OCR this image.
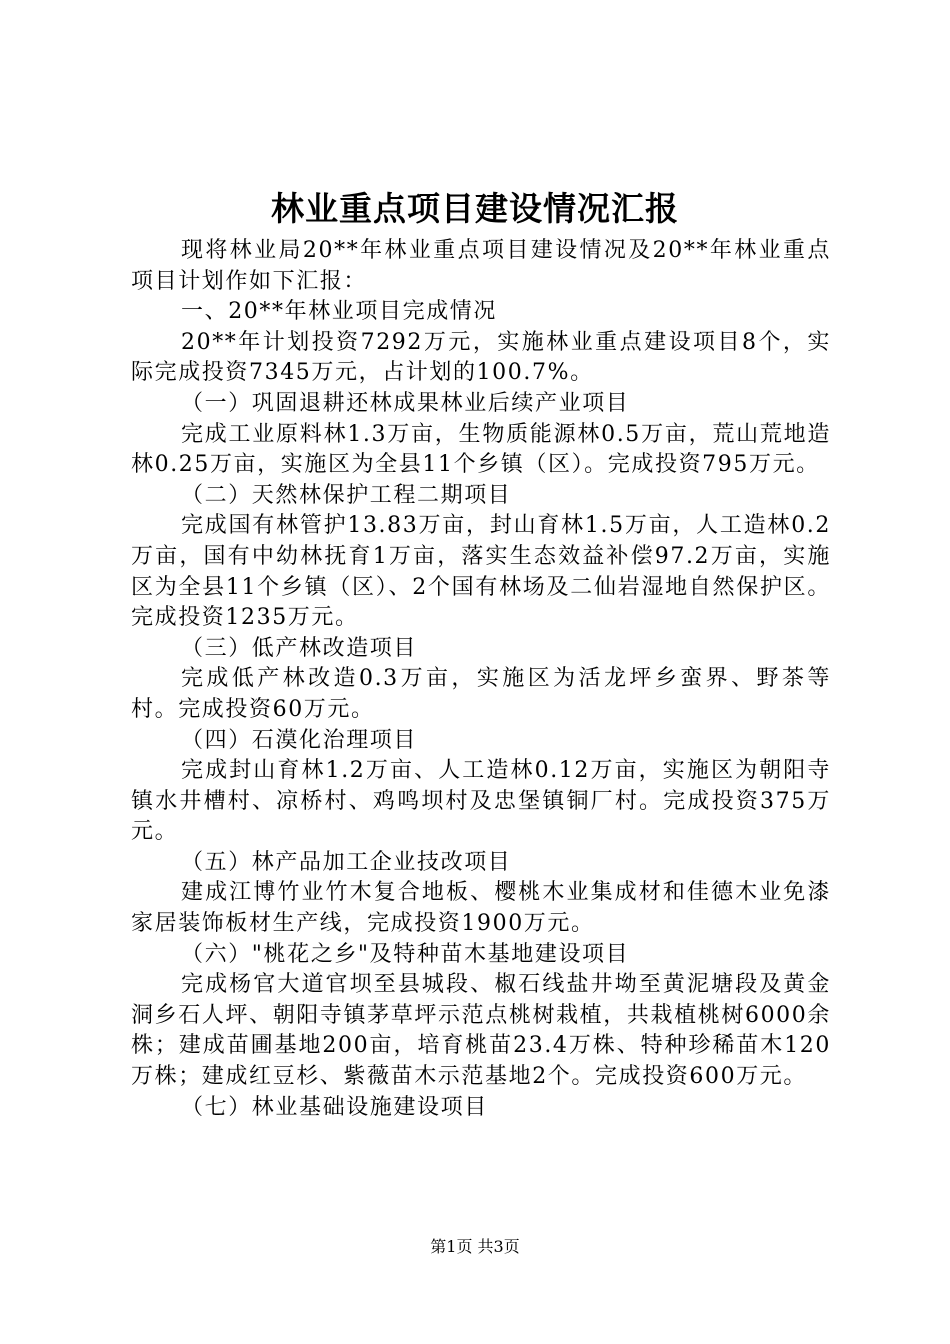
林业重点项目建设情况汇报

现将林业局20**年林业重点项目建设情况及20**年林业重点项目计划作如下汇报：

一、20**年林业项目完成情况

20**年计划投资7292万元，实施林业重点建设项目8个，实际完成投资7345万元，占计划的100.7%。

（一）巩固退耕还林成果林业后续产业项目

完成工业原料林1.3万亩，生物质能源林0.5万亩，荒山荒地造林0.25万亩，实施区为全县11个乡镇（区）。完成投资795万元。

（二）天然林保护工程二期项目

完成国有林管护13.83万亩，封山育林1.5万亩，人工造林0.2万亩，国有中幼林抚育1万亩，落实生态效益补偿97.2万亩，实施区为全县11个乡镇（区）、2个国有林场及二仙岩湿地自然保护区。完成投资1235万元。

（三）低产林改造项目

完成低产林改造0.3万亩，实施区为活龙坪乡蛮界、野茶等村。完成投资60万元。

（四）石漠化治理项目

完成封山育林1.2万亩、人工造林0.12万亩，实施区为朝阳寺镇水井槽村、凉桥村、鸡鸣坝村及忠堡镇铜厂村。完成投资375万元。

（五）林产品加工企业技改项目

建成江博竹业竹木复合地板、樱桃木业集成材和佳德木业免漆家居装饰板材生产线，完成投资1900万元。

（六）"桃花之乡"及特种苗木基地建设项目

完成杨官大道官坝至县城段、椒石线盐井坳至黄泥塘段及黄金洞乡石人坪、朝阳寺镇茅草坪示范点桃树栽植，共栽植桃树6000余株；建成苗圃基地200亩，培育桃苗23.4万株、特种珍稀苗木120万株；建成红豆杉、紫薇苗木示范基地2个。完成投资600万元。

（七）林业基础设施建设项目

第1页 共3页
